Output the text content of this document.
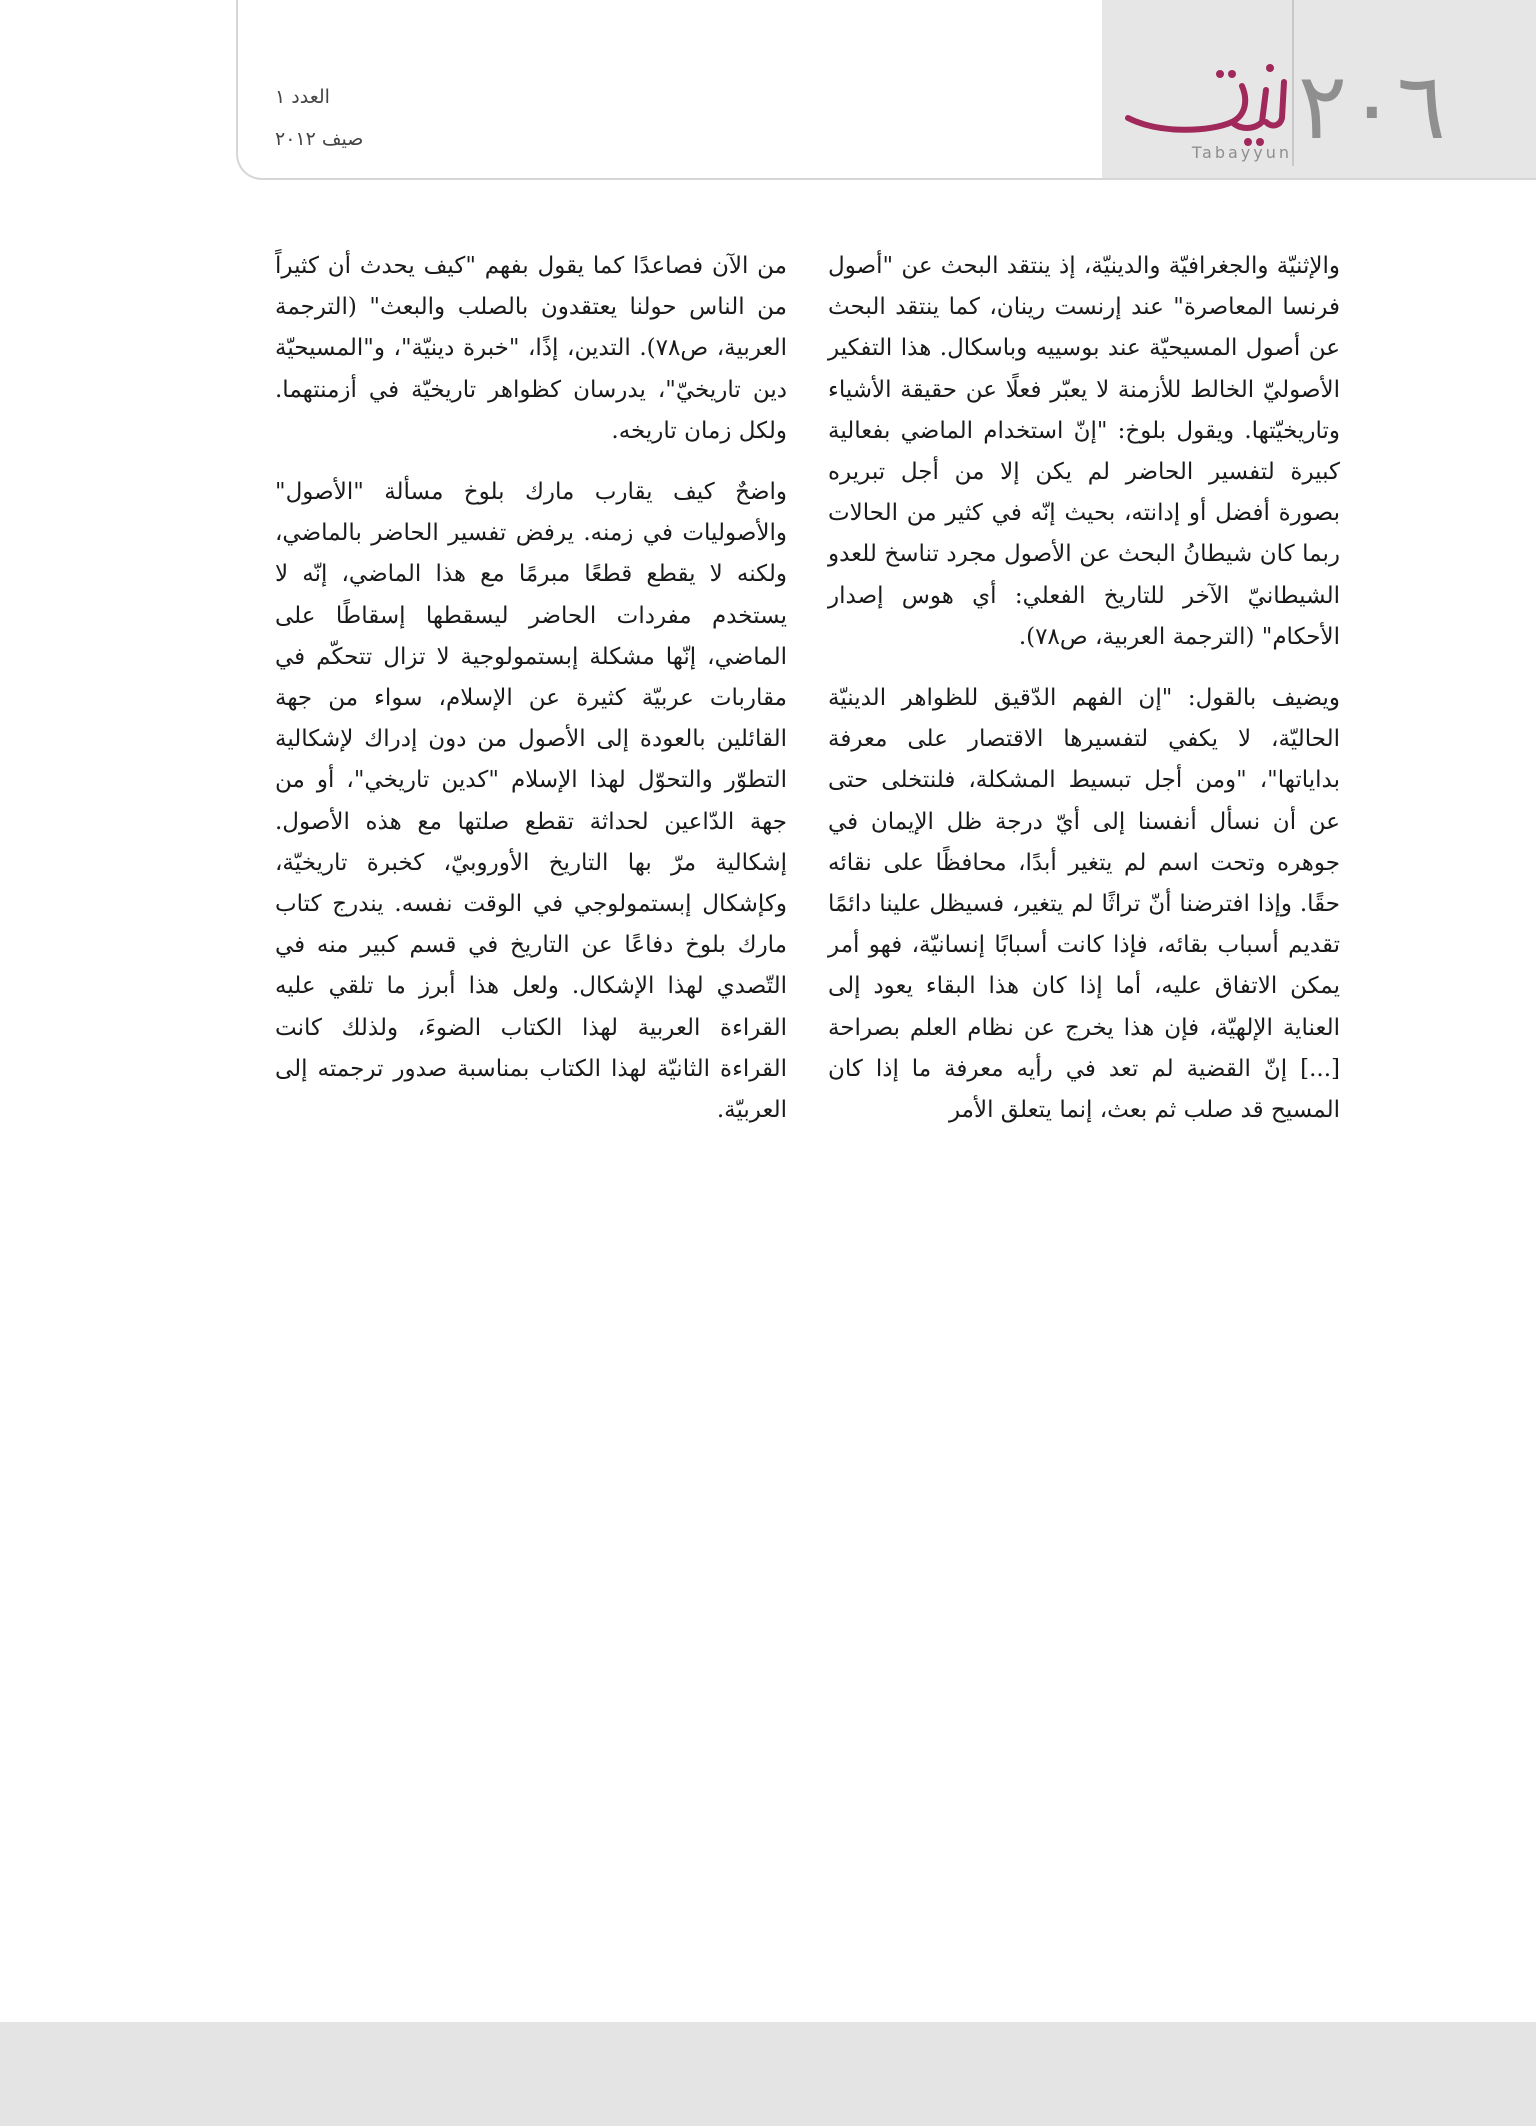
٢٠٦
Tabayyun
العدد ١
صيف ٢٠١٢

والإثنيّة والجغرافيّة والدينيّة، إذ ينتقد البحث عن "أصول فرنسا المعاصرة" عند إرنست رينان، كما ينتقد البحث عن أصول المسيحيّة عند بوسييه وباسكال. هذا التفكير الأصوليّ الخالط للأزمنة لا يعبّر فعلًا عن حقيقة الأشياء وتاريخيّتها. ويقول بلوخ: "إنّ استخدام الماضي بفعالية كبيرة لتفسير الحاضر لم يكن إلا من أجل تبريره بصورة أفضل أو إدانته، بحيث إنّه في كثير من الحالات ربما كان شيطانُ البحث عن الأصول مجرد تناسخ للعدو الشيطانيّ الآخر للتاريخ الفعلي: أي هوس إصدار الأحكام" (الترجمة العربية، ص٧٨).

ويضيف بالقول: "إن الفهم الدّقيق للظواهر الدينيّة الحاليّة، لا يكفي لتفسيرها الاقتصار على معرفة بداياتها"، "ومن أجل تبسيط المشكلة، فلنتخلى حتى عن أن نسأل أنفسنا إلى أيّ درجة ظل الإيمان في جوهره وتحت اسم لم يتغير أبدًا، محافظًا على نقائه حقًا. وإذا افترضنا أنّ تراثًا لم يتغير، فسيظل علينا دائمًا تقديم أسباب بقائه، فإذا كانت أسبابًا إنسانيّة، فهو أمر يمكن الاتفاق عليه، أما إذا كان هذا البقاء يعود إلى العناية الإلهيّة، فإن هذا يخرج عن نظام العلم بصراحة [...] إنّ القضية لم تعد في رأيه معرفة ما إذا كان المسيح قد صلب ثم بعث، إنما يتعلق الأمر

من الآن فصاعدًا كما يقول بفهم "كيف يحدث أن كثيراً من الناس حولنا يعتقدون بالصلب والبعث" (الترجمة العربية، ص٧٨). التدين، إذًا، "خبرة دينيّة"، و"المسيحيّة دين تاريخيّ"، يدرسان كظواهر تاريخيّة في أزمنتهما. ولكل زمان تاريخه.

واضحٌ كيف يقارب مارك بلوخ مسألة "الأصول" والأصوليات في زمنه. يرفض تفسير الحاضر بالماضي، ولكنه لا يقطع قطعًا مبرمًا مع هذا الماضي، إنّه لا يستخدم مفردات الحاضر ليسقطها إسقاطًا على الماضي، إنّها مشكلة إبستمولوجية لا تزال تتحكّم في مقاربات عربيّة كثيرة عن الإسلام، سواء من جهة القائلين بالعودة إلى الأصول من دون إدراك لإشكالية التطوّر والتحوّل لهذا الإسلام "كدين تاريخي"، أو من جهة الدّاعين لحداثة تقطع صلتها مع هذه الأصول. إشكالية مرّ بها التاريخ الأوروبيّ، كخبرة تاريخيّة، وكإشكال إبستمولوجي في الوقت نفسه. يندرج كتاب مارك بلوخ دفاعًا عن التاريخ في قسم كبير منه في التّصدي لهذا الإشكال. ولعل هذا أبرز ما تلقي عليه القراءة العربية لهذا الكتاب الضوءَ، ولذلك كانت القراءة الثانيّة لهذا الكتاب بمناسبة صدور ترجمته إلى العربيّة.
